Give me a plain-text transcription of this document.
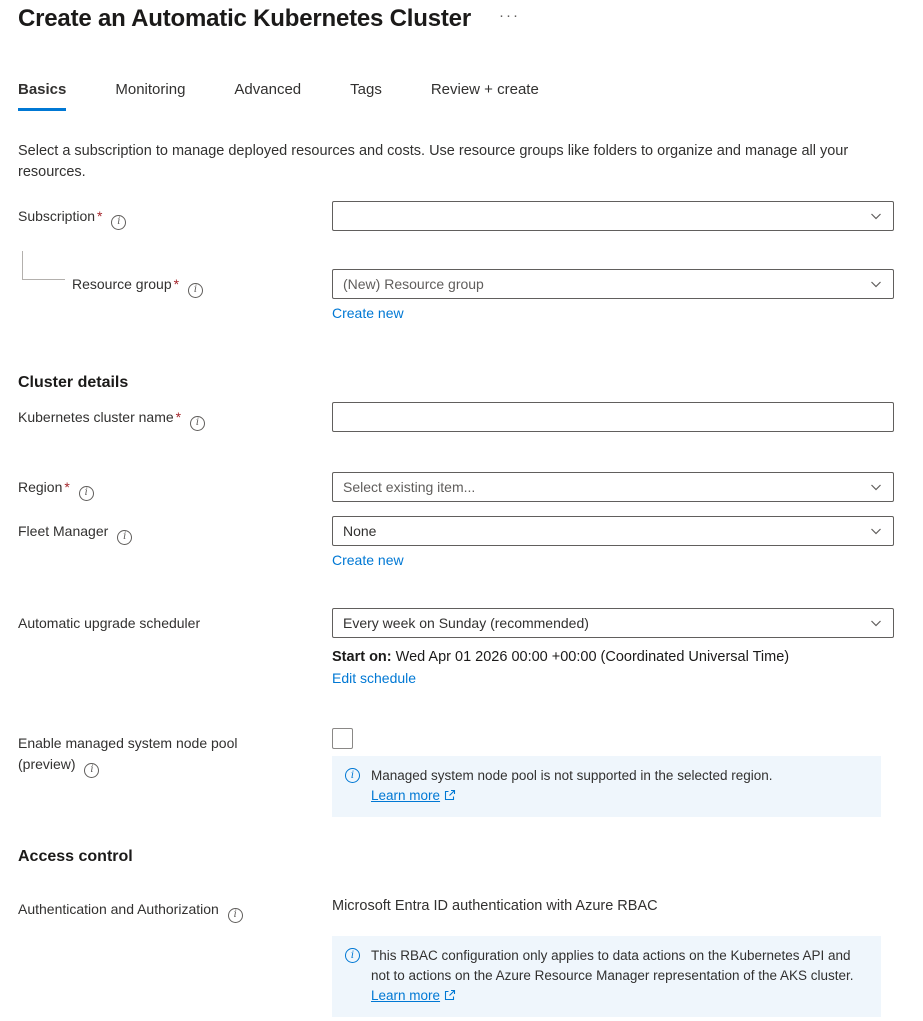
Create an Automatic Kubernetes Cluster ···
Basics	Monitoring	Advanced	Tags	Review + create
Select a subscription to manage deployed resources and costs. Use resource groups like folders to organize and manage all your resources.
Subscription * i
Resource group * i	(New) Resource group
Create new
Cluster details
Kubernetes cluster name * i
Region * i	Select existing item...
Fleet Manager i	None
Create new
Automatic upgrade scheduler	Every week on Sunday (recommended)
Start on: Wed Apr 01 2026 00:00 +00:00 (Coordinated Universal Time)
Edit schedule
Enable managed system node pool
(preview) i	i	Managed system node pool is not supported in the selected region.
Learn more
Access control
Authentication and Authorization i
Microsoft Entra ID authentication with Azure RBAC
i	This RBAC configuration only applies to data actions on the Kubernetes API and not to actions on the Azure Resource Manager representation of the AKS cluster. Learn more
